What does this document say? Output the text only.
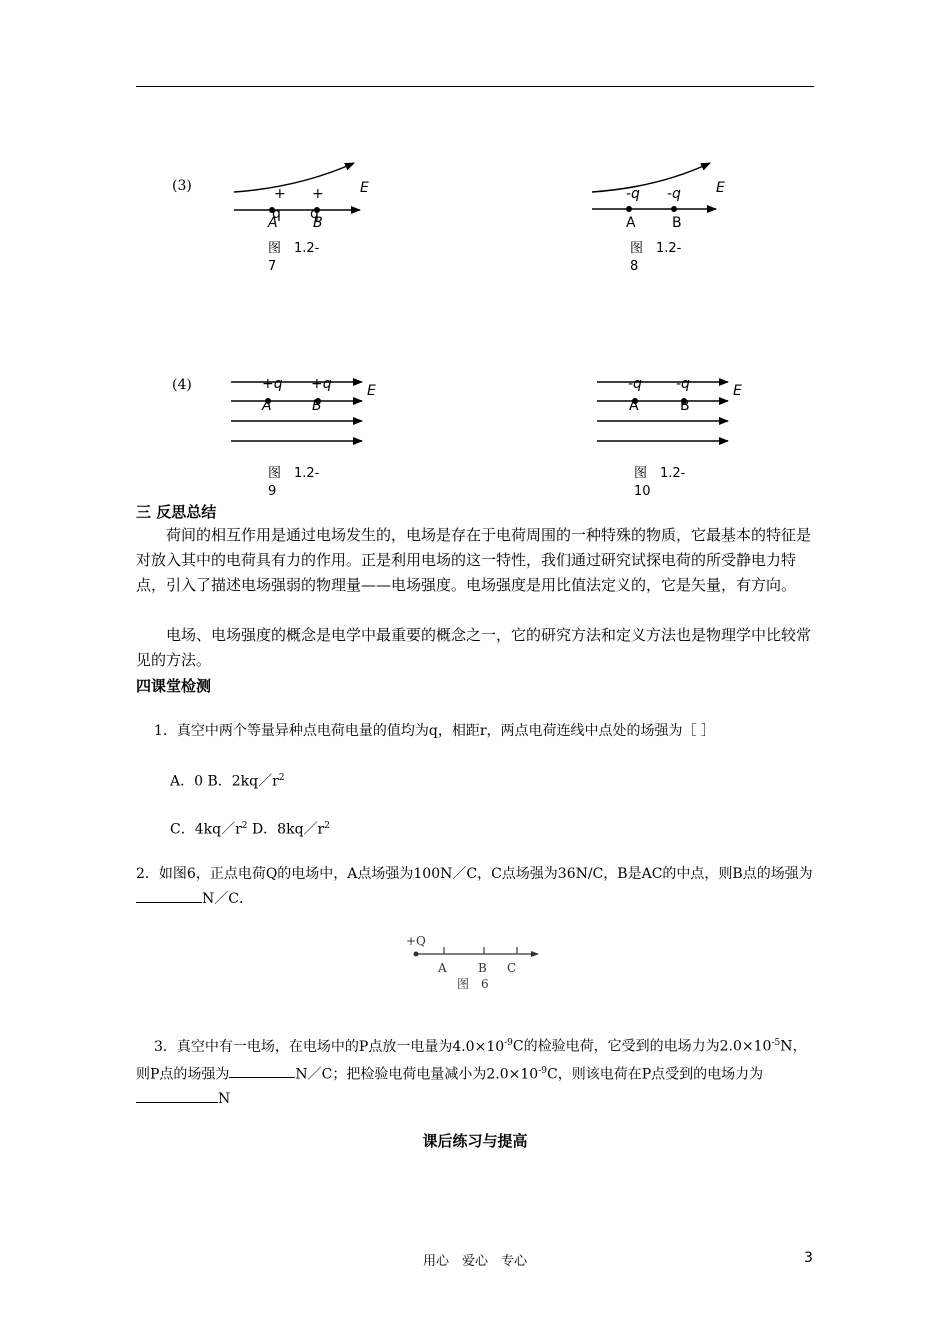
(3)	+
q
+
q
A	B
E
图　1.2-
7
-q -q
A	B
E
图　1.2-
8
(4)	+q +q
A	B
E
图　1.2-
9
-q -q
A	B
E
图　1.2-
10
三 反思总结
荷间的相互作用是通过电场发生的，电场是存在于电荷周围的一种特殊的物质，它最基本的特征是对放入其中的电荷具有力的作用。正是利用电场的这一特性，我们通过研究试探电荷的所受静电力特点，引入了描述电场强弱的物理量——电场强度。电场强度是用比值法定义的，它是矢量，有方向。
电场、电场强度的概念是电学中最重要的概念之一，它的研究方法和定义方法也是物理学中比较常见的方法。
四课堂检测
1．真空中两个等量异种点电荷电量的值均为q，相距r，两点电荷连线中点处的场强为［ ］
A．0 B．$2kq/r^2$
C．$4kq/r^2$ D．$8kq/r^2$
2．如图6，正点电荷Q的电场中，A点场强为100N／C，C点场强为36N/C，B是AC的中点，则B点的场强为N／C．
+Q
A	B C
图　6
3．真空中有一电场，在电场中的P点放一电量为$4.0\times 10^{-9}C$的检验电荷，它受到的电场力为$2.0\times 10^{-5}N$，则P点的场强为	N／C；把检验电荷电量减小为$2.0\times 10^{-9}C$，则该电荷在P点受到的电场力为N
课后练习与提高
用心　爱心　专心	3
